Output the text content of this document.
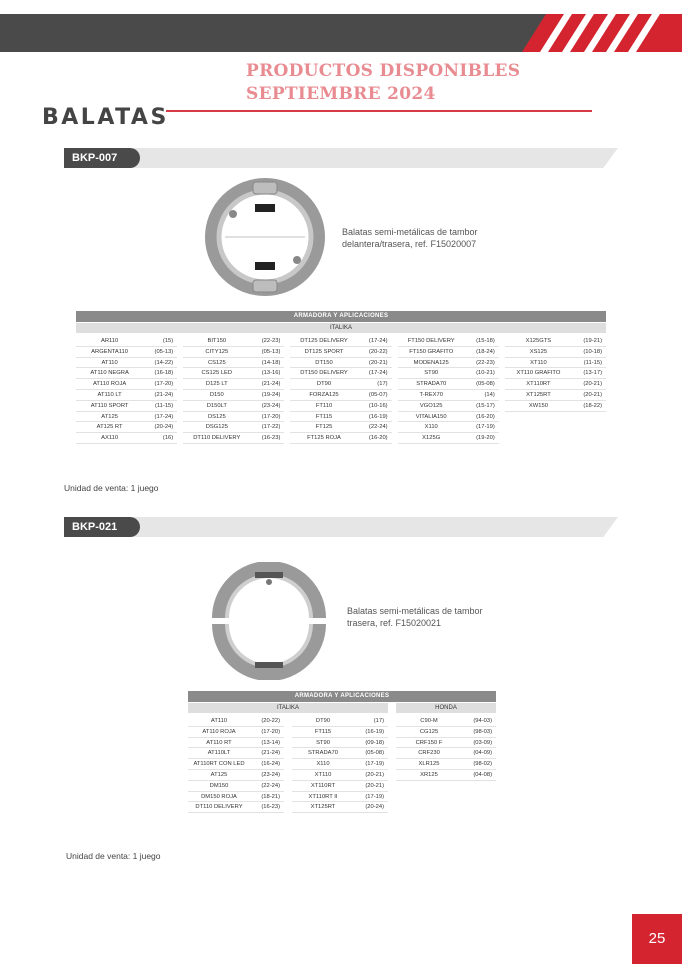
PRODUCTOS DISPONIBLES
SEPTIEMBRE 2024
BALATAS
BKP-007
Balatas semi-metálicas de tambor
delantera/trasera, ref. F15020007
ARMADORA Y APLICACIONES
ITALIKA
AR110	(15)
ARGENTA110	(05-13)
AT110	(14-22)
AT110 NEGRA	(16-18)
AT110 ROJA	(17-20)
AT110 LT	(21-24)
AT110 SPORT	(11-15)
AT125	(17-24)
AT125 RT	(20-24)
AX110	(16)
BIT150	(22-23)
CITY125	(05-13)
CS125	(14-18)
CS125 LED	(13-16)
D125 LT	(21-24)
D150	(19-24)
D150LT	(23-24)
DS125	(17-20)
DSG125	(17-22)
DT110 DELIVERY	(16-23)
DT125 DELIVERY	(17-24)
DT125 SPORT	(20-22)
DT150	(20-21)
DT150 DELIVERY	(17-24)
DT90	(17)
FORZA125	(05-07)
FT110	(10-16)
FT115	(16-19)
FT125	(22-24)
FT125 ROJA	(16-20)
FT150 DELIVERY	(15-18)
FT150 GRAFITO	(18-24)
MODENA125	(22-23)
ST90	(10-21)
STRADA70	(05-08)
T-REX70	(14)
VGO125	(15-17)
VITALIA150	(16-20)
X110	(17-19)
X125G	(19-20)
X125GTS	(19-21)
XS125	(10-18)
XT110	(11-15)
XT110 GRAFITO	(13-17)
XT110RT	(20-21)
XT125RT	(20-21)
XW150	(18-22)
Unidad de venta: 1 juego
BKP-021
Balatas semi-metálicas de tambor
trasera, ref. F15020021
ARMADORA Y APLICACIONES
ITALIKA	HONDA
AT110	(20-22)
AT110 ROJA	(17-20)
AT110 RT	(13-14)
AT110LT	(21-24)
AT110RT CON LED	(16-24)
AT125	(23-24)
DM150	(22-24)
DM150 ROJA	(18-21)
DT110 DELIVERY	(16-23)
DT90	(17)
FT115	(16-19)
ST90	(09-18)
STRADA70	(05-08)
X110	(17-19)
XT110	(20-21)
XT110RT	(20-21)
XT110RT II	(17-19)
XT125RT	(20-24)
C90-M	(94-03)
CG125	(98-03)
CRF150 F	(03-09)
CRF230	(04-09)
XLR125	(98-02)
XR125	(04-08)
Unidad de venta: 1 juego
25
